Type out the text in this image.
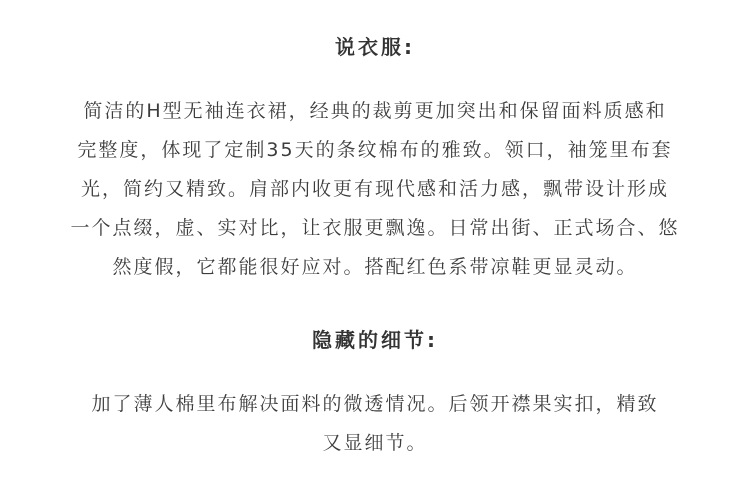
说衣服:

简洁的H型无袖连衣裙，经典的裁剪更加突出和保留面料质感和
完整度，体现了定制35天的条纹棉布的雅致。领口，袖笼里布套
光，简约又精致。肩部内收更有现代感和活力感，飘带设计形成
一个点缀，虚、实对比，让衣服更飘逸。日常出街、正式场合、悠
然度假，它都能很好应对。搭配红色系带凉鞋更显灵动。

隐藏的细节:

加了薄人棉里布解决面料的微透情况。后领开襟果实扣，精致
又显细节。
